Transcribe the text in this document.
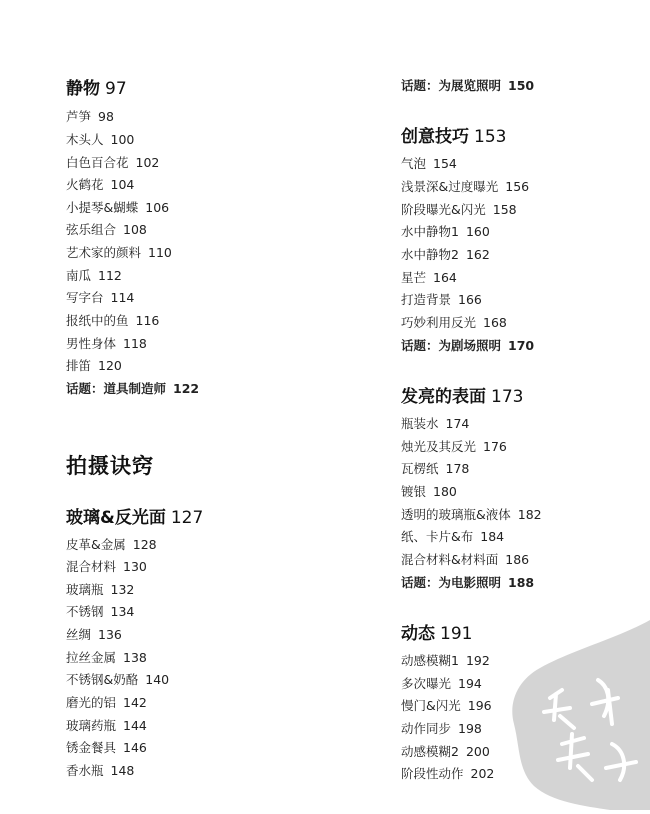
静物 97
芦笋 98
木头人 100
白色百合花 102
火鹤花 104
小提琴&蝴蝶 106
弦乐组合 108
艺术家的颜料 110
南瓜 112
写字台 114
报纸中的鱼 116
男性身体 118
排笛 120
话题：道具制造师 122
拍摄诀窍
玻璃&反光面 127
皮革&金属 128
混合材料 130
玻璃瓶 132
不锈钢 134
丝绸 136
拉丝金属 138
不锈钢&奶酪 140
磨光的铝 142
玻璃药瓶 144
锈金餐具 146
香水瓶 148
话题：为展览照明 150
创意技巧 153
气泡 154
浅景深&过度曝光 156
阶段曝光&闪光 158
水中静物1 160
水中静物2 162
星芒 164
打造背景 166
巧妙利用反光 168
话题：为剧场照明 170
发亮的表面 173
瓶装水 174
烛光及其反光 176
瓦楞纸 178
镀银 180
透明的玻璃瓶&液体 182
纸、卡片&布 184
混合材料&材料面 186
话题：为电影照明 188
动态 191
动感模糊1 192
多次曝光 194
慢门&闪光 196
动作同步 198
动感模糊2 200
阶段性动作 202
